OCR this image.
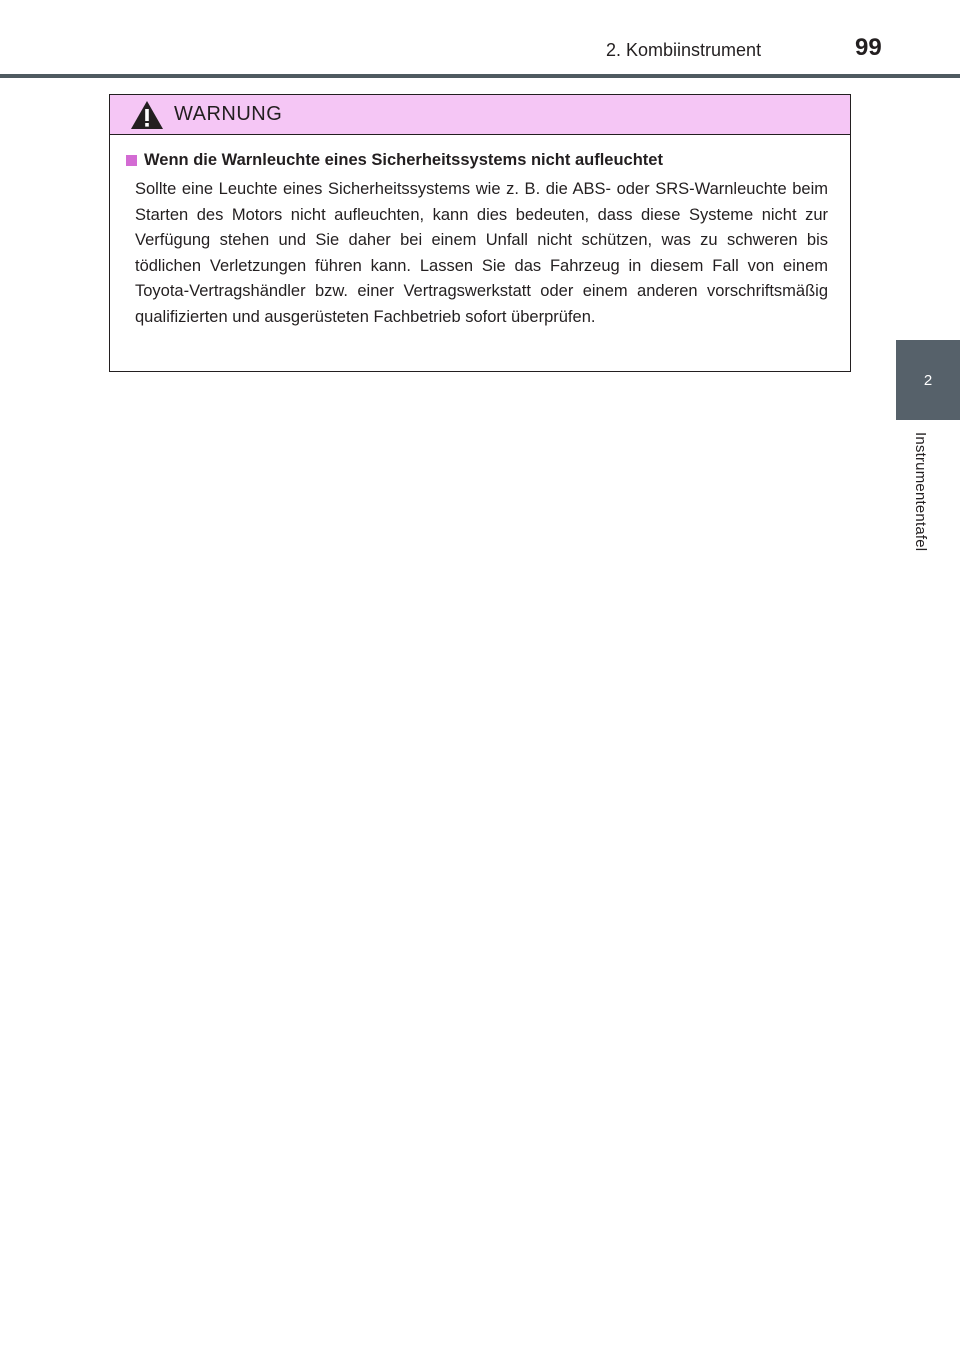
2. Kombiinstrument	99
2
Instrumententafel
WARNUNG
Wenn die Warnleuchte eines Sicherheitssystems nicht aufleuchtet

Sollte eine Leuchte eines Sicherheitssystems wie z. B. die ABS- oder SRS-Warnleuchte beim Starten des Motors nicht aufleuchten, kann dies bedeuten, dass diese Systeme nicht zur Verfügung stehen und Sie daher bei einem Unfall nicht schützen, was zu schweren bis tödlichen Verletzungen führen kann. Lassen Sie das Fahrzeug in diesem Fall von einem Toyota-Vertragshändler bzw. einer Vertragswerkstatt oder einem anderen vorschriftsmäßig qualifizierten und ausgerüsteten Fachbetrieb sofort überprüfen.
